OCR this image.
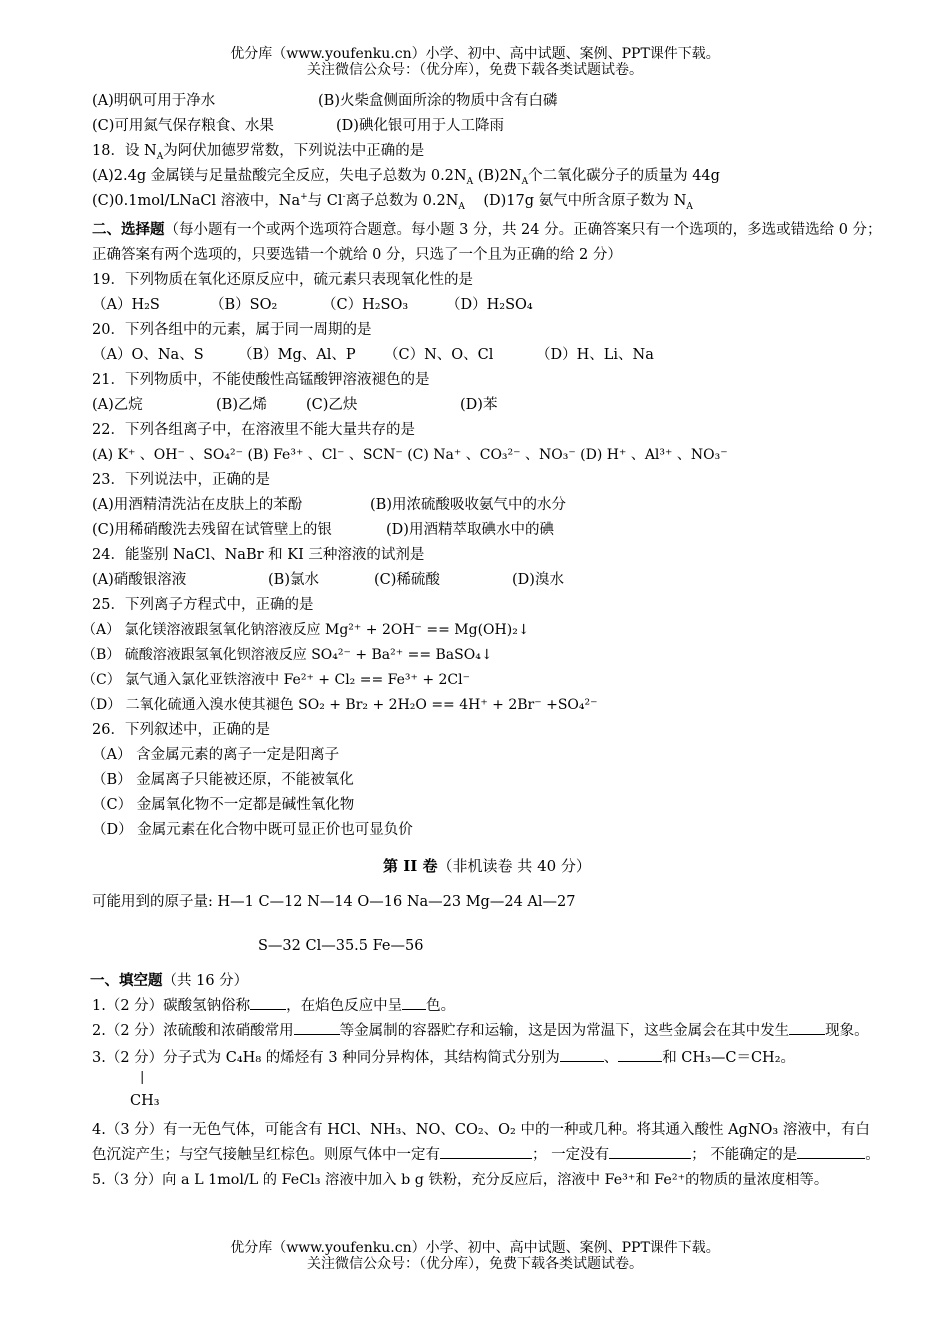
优分库（www.youfenku.cn）小学、初中、高中试题、案例、PPT课件下载。
关注微信公众号：（优分库），免费下载各类试题试卷。
(A)明矾可用于净水	(B)火柴盒侧面所涂的物质中含有白磷
(C)可用氮气保存粮食、水果	(D)碘化银可用于人工降雨
18．设 $N_A$为阿伏加德罗常数，下列说法中正确的是
(A)2.4g 金属镁与足量盐酸完全反应，失电子总数为 $0.2N_A$ $(B)2N_A$个二氧化碳分子的质量为 44g
(C)0.1mol/LNaCl 溶液中，Na+与 Cl-离子总数为 $0.2N_A$ (D)17g 氨气中所含原子数为 $N_A$
二、选择题（每小题有一个或两个选项符合题意。每小题 3 分，共 24 分。正确答案只有一个选项的，多选或错选给 0 分；正确答案有两个选项的，只要选错一个就给 0 分，只选了一个且为正确的给 2 分）
19．下列物质在氧化还原反应中，硫元素只表现氧化性的是
（A）H₂S	（B）SO₂	（C）H₂SO₃	（D）H₂SO₄
20．下列各组中的元素，属于同一周期的是
（A）O、Na、S （B）Mg、Al、P （C）N、O、Cl	（D）H、Li、Na
21．下列物质中，不能使酸性高锰酸钾溶液褪色的是
(A)乙烷	(B)乙烯	(C)乙炔	(D)苯
22．下列各组离子中，在溶液里不能大量共存的是
(A) K⁺ 、OH⁻ 、SO₄²⁻ (B) Fe³⁺ 、Cl⁻ 、SCN⁻ (C) Na⁺ 、CO₃²⁻ 、NO₃⁻ (D) H⁺ 、Al³⁺ 、NO₃⁻
23．下列说法中，正确的是
(A)用酒精清洗沾在皮肤上的苯酚	(B)用浓硫酸吸收氨气中的水分
(C)用稀硝酸洗去残留在试管壁上的银	(D)用酒精萃取碘水中的碘
24．能鉴别 NaCl、NaBr 和 KI 三种溶液的试剂是
(A)硝酸银溶液	(B)氯水	(C)稀硫酸	(D)溴水
25．下列离子方程式中，正确的是
（A） 氯化镁溶液跟氢氧化钠溶液反应 Mg²⁺ + 2OH⁻ == Mg(OH)₂↓
（B） 硫酸溶液跟氢氧化钡溶液反应 SO₄²⁻ + Ba²⁺ == BaSO₄↓
（C） 氯气通入氯化亚铁溶液中 Fe²⁺ + Cl₂ == Fe³⁺ + 2Cl⁻
（D） 二氧化硫通入溴水使其褪色 SO₂ + Br₂ + 2H₂O == 4H⁺ + 2Br⁻ +SO₄²⁻
26．下列叙述中，正确的是
（A） 含金属元素的离子一定是阳离子
（B） 金属离子只能被还原，不能被氧化
（C） 金属氧化物不一定都是碱性氧化物
（D） 金属元素在化合物中既可显正价也可显负价
第 II 卷（非机读卷 共 40 分）
可能用到的原子量: H—1 C—12 N—14 O—16 Na—23 Mg—24 Al—27
S—32 Cl—35.5 Fe—56
一、填空题（共 16 分）
1.（2 分）碳酸氢钠俗称 ，在焰色反应中呈 色。
2.（2 分）浓硫酸和浓硝酸常用	等金属制的容器贮存和运输，这是因为常温下，这些金属会在其中发生 现象。
3.（2 分）分子式为 C₄H₈ 的烯烃有 3 种同分异构体，其结构简式分别为	、	和 CH₃—C＝CH₂。
|
CH₃
4.（3 分）有一无色气体，可能含有 HCl、NH₃、NO、CO₂、O₂ 中的一种或几种。将其通入酸性 AgNO₃ 溶液中，有白色沉淀产生；与空气接触呈红棕色。则原气体中一定有	； 一定没有	； 不能确定的是	。
5.（3 分）向 a L 1mol/L 的 FeCl₃ 溶液中加入 b g 铁粉，充分反应后，溶液中 Fe³⁺和 Fe²⁺的物质的量浓度相等。
优分库（www.youfenku.cn）小学、初中、高中试题、案例、PPT课件下载。
关注微信公众号：（优分库），免费下载各类试题试卷。
